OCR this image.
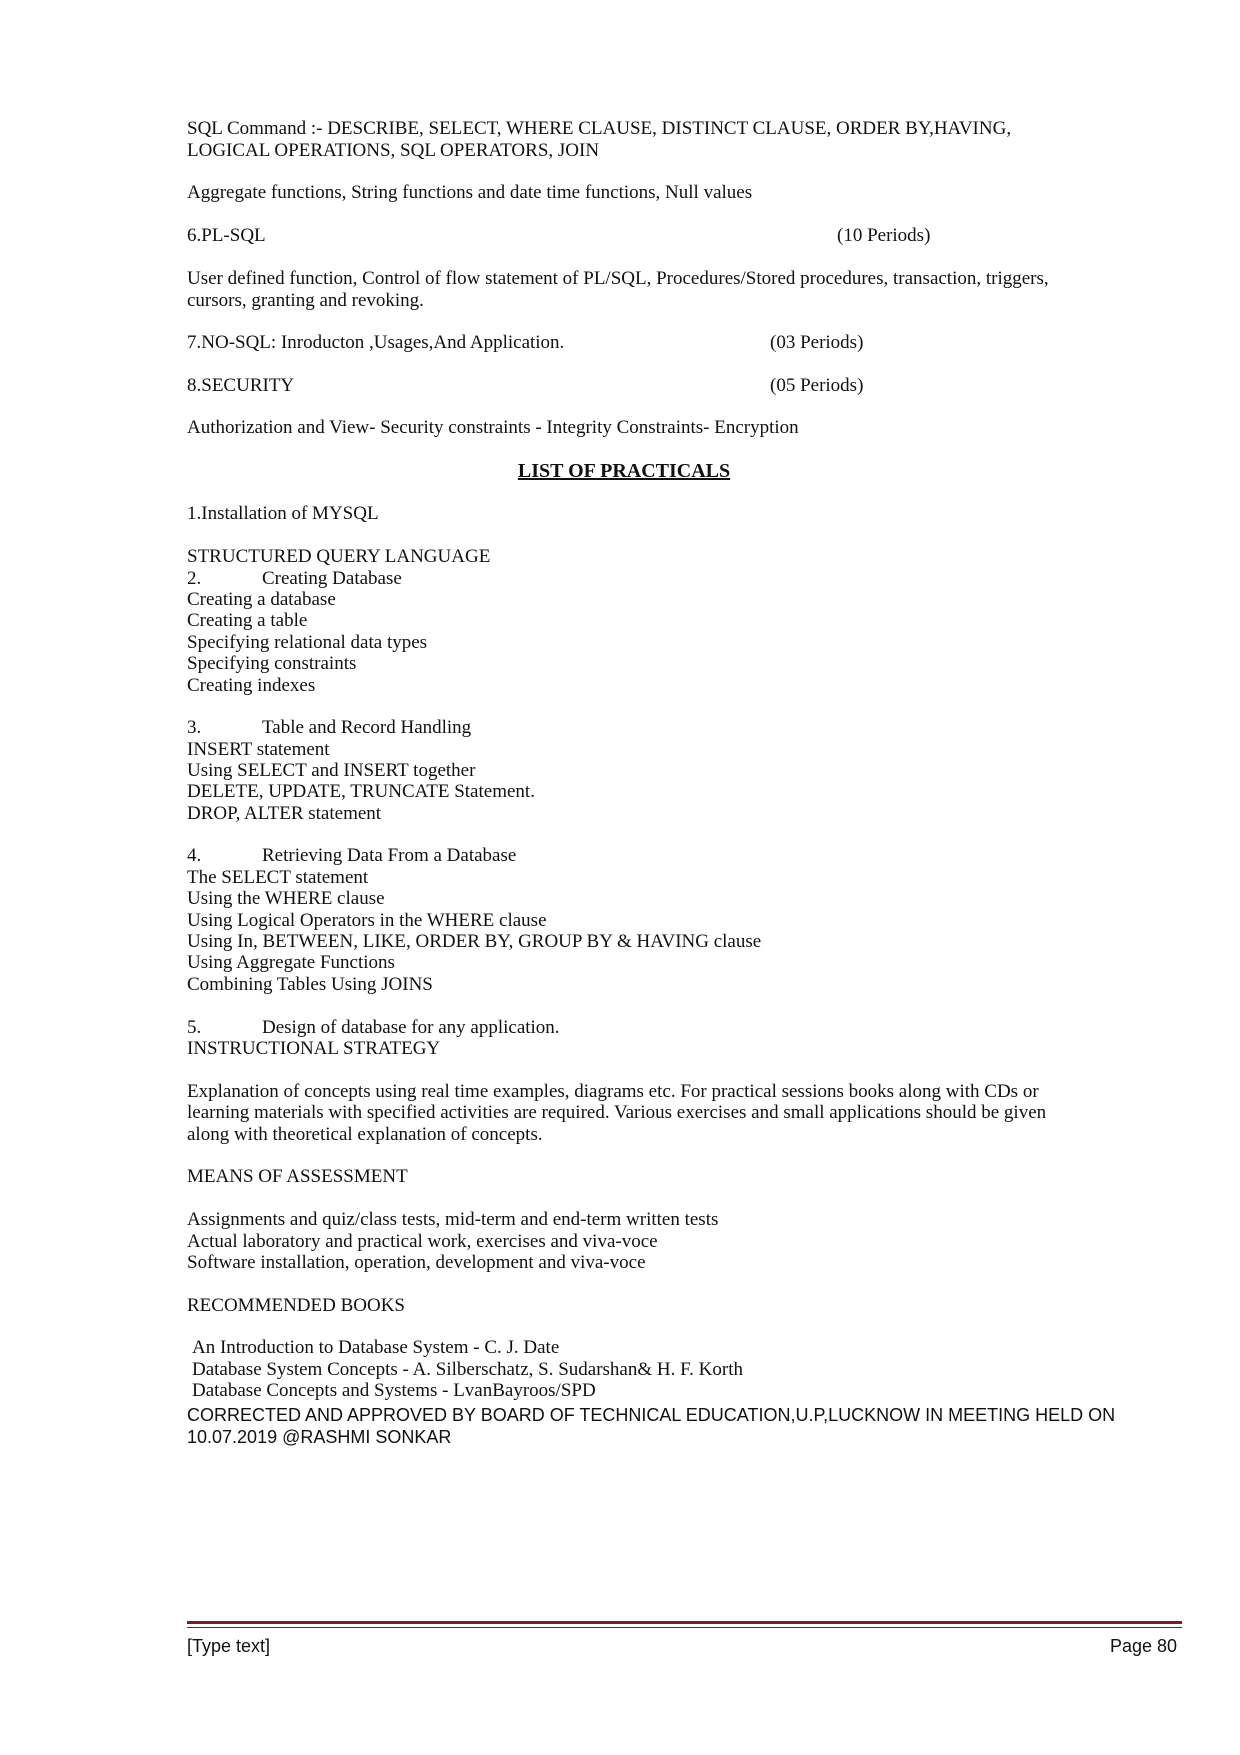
SQL Command :- DESCRIBE, SELECT, WHERE CLAUSE, DISTINCT CLAUSE, ORDER BY,HAVING,
LOGICAL OPERATIONS, SQL OPERATORS, JOIN
Aggregate functions, String functions and date time functions, Null values
6.PL-SQL	(10 Periods)
User defined function, Control of flow statement of PL/SQL, Procedures/Stored procedures, transaction, triggers,
cursors, granting and revoking.
7.NO-SQL: Inroducton ,Usages,And Application.	(03 Periods)
8.SECURITY	(05 Periods)
Authorization and View- Security constraints - Integrity Constraints- Encryption
LIST OF PRACTICALS
1.Installation of MYSQL
STRUCTURED QUERY LANGUAGE
2.	Creating Database
Creating a database
Creating a table
Specifying relational data types
Specifying constraints
Creating indexes
3.	Table and Record Handling
INSERT statement
Using SELECT and INSERT together
DELETE, UPDATE, TRUNCATE Statement.
DROP, ALTER statement
4.	Retrieving Data From a Database
The SELECT statement
Using the WHERE clause
Using Logical Operators in the WHERE clause
Using In, BETWEEN, LIKE, ORDER BY, GROUP BY & HAVING clause
Using Aggregate Functions
Combining Tables Using JOINS
5.	Design of database for any application.
INSTRUCTIONAL STRATEGY
Explanation of concepts using real time examples, diagrams etc. For practical sessions books along with CDs or
learning materials with specified activities are required. Various exercises and small applications should be given
along with theoretical explanation of concepts.
MEANS OF ASSESSMENT
Assignments and quiz/class tests, mid-term and end-term written tests
Actual laboratory and practical work, exercises and viva-voce
Software installation, operation, development and viva-voce
RECOMMENDED BOOKS
An Introduction to Database System - C. J. Date
Database System Concepts - A. Silberschatz, S. Sudarshan& H. F. Korth
Database Concepts and Systems - LvanBayroos/SPD
CORRECTED AND APPROVED BY BOARD OF TECHNICAL EDUCATION,U.P,LUCKNOW IN MEETING HELD ON
10.07.2019 @RASHMI SONKAR
[Type text]	Page 80
